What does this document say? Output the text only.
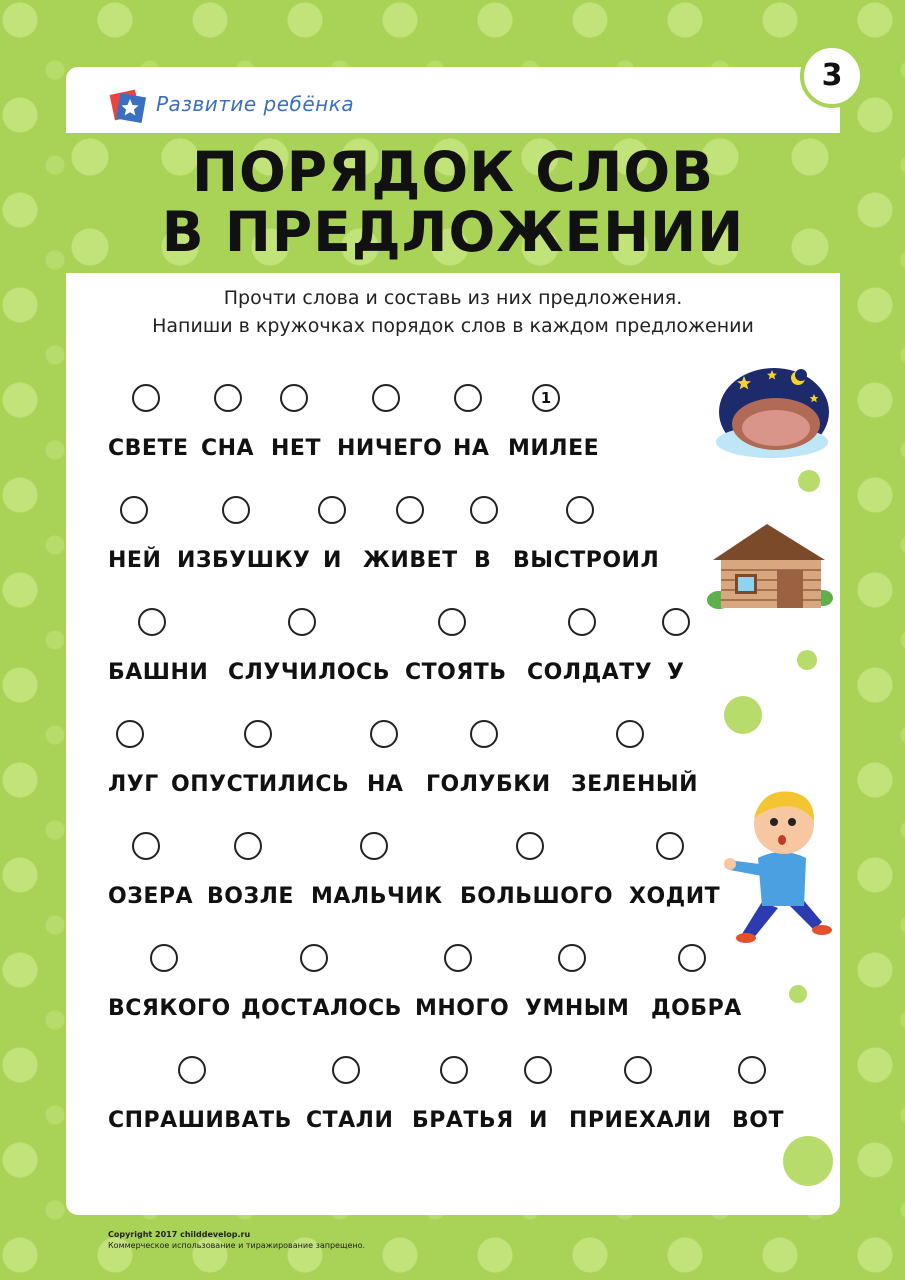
Развитие ребёнка
3
ПОРЯДОК СЛОВ
В ПРЕДЛОЖЕНИИ
Прочти слова и составь из них предложения.
Напиши в кружочках порядок слов в каждом предложении
1
СВЕТЕ СНА НЕТ НИЧЕГО НА МИЛЕЕ
НЕЙ ИЗБУШКУ И ЖИВЕТ В ВЫСТРОИЛ
БАШНИ СЛУЧИЛОСЬ СТОЯТЬ СОЛДАТУ У
ЛУГ ОПУСТИЛИСЬ НА ГОЛУБКИ ЗЕЛЕНЫЙ
ОЗЕРА ВОЗЛЕ МАЛЬЧИК БОЛЬШОГО ХОДИТ
ВСЯКОГО ДОСТАЛОСЬ МНОГО УМНЫМ ДОБРА
СПРАШИВАТЬ СТАЛИ БРАТЬЯ И ПРИЕХАЛИ ВОТ
Copyright 2017 childdevelop.ru
Коммерческое использование и тиражирование запрещено.
